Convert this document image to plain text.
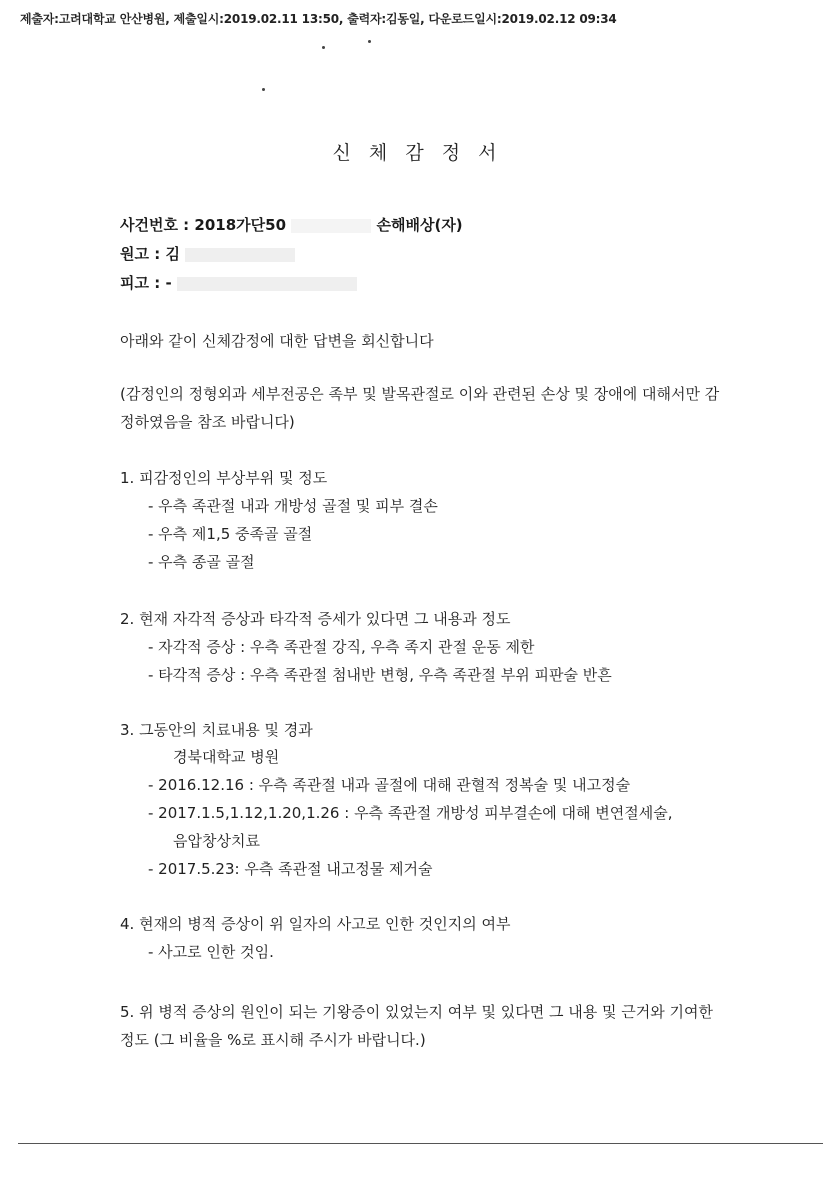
제출자:고려대학교 안산병원, 제출일시:2019.02.11 13:50, 출력자:김동일, 다운로드일시:2019.02.12 09:34
신 체 감 정 서
사건번호 : 2018가단50	손해배상(자)
원고 : 김
피고 : -
아래와 같이 신체감정에 대한 답변을 회신합니다
(감정인의 정형외과 세부전공은 족부 및 발목관절로 이와 관련된 손상 및 장애에 대해서만 감정하였음을 참조 바랍니다)
1. 피감정인의 부상부위 및 정도
- 우측 족관절 내과 개방성 골절 및 피부 결손
- 우측 제1,5 중족골 골절
- 우측 종골 골절
2. 현재 자각적 증상과 타각적 증세가 있다면 그 내용과 정도
- 자각적 증상 : 우측 족관절 강직, 우측 족지 관절 운동 제한
- 타각적 증상 : 우측 족관절 첨내반 변형, 우측 족관절 부위 피판술 반흔
3. 그동안의 치료내용 및 경과
경북대학교 병원
- 2016.12.16 : 우측 족관절 내과 골절에 대해 관혈적 정복술 및 내고정술
- 2017.1.5,1.12,1.20,1.26 : 우측 족관절 개방성 피부결손에 대해 변연절세술,
음압창상치료
- 2017.5.23: 우측 족관절 내고정물 제거술
4. 현재의 병적 증상이 위 일자의 사고로 인한 것인지의 여부
- 사고로 인한 것임.
5. 위 병적 증상의 원인이 되는 기왕증이 있었는지 여부 및 있다면 그 내용 및 근거와 기여한 정도 (그 비율을 %로 표시해 주시가 바랍니다.)
